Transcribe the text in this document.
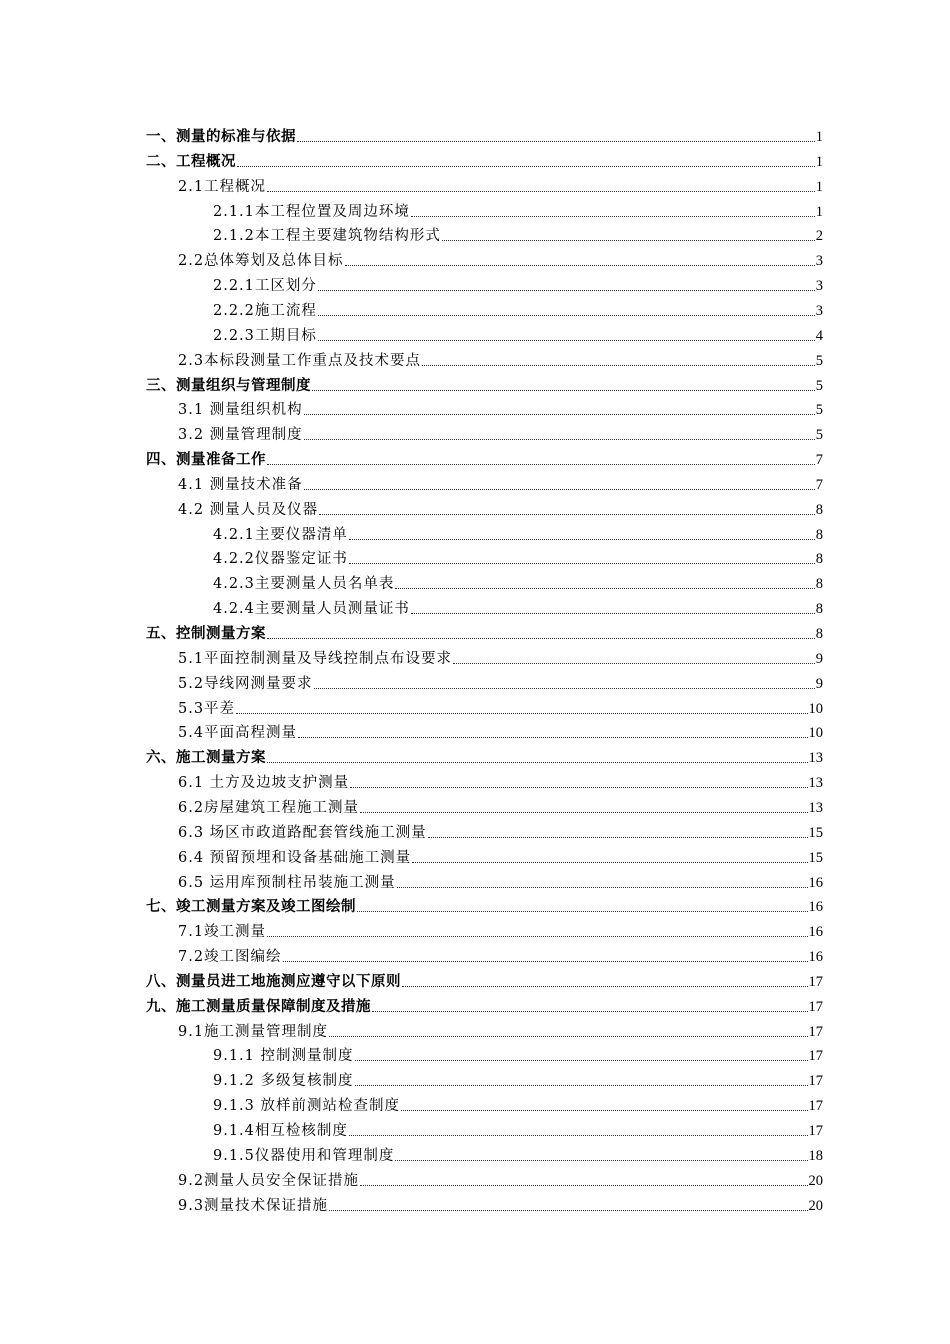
一、测量的标准与依据	1
二、工程概况	1
2.1工程概况	1
2.1.1本工程位置及周边环境	1
2.1.2本工程主要建筑物结构形式	2
2.2总体筹划及总体目标	3
2.2.1工区划分	3
2.2.2施工流程	3
2.2.3工期目标	4
2.3本标段测量工作重点及技术要点	5
三、测量组织与管理制度	5
3.1 测量组织机构	5
3.2 测量管理制度	5
四、测量准备工作	7
4.1 测量技术准备	7
4.2 测量人员及仪器	8
4.2.1主要仪器清单	8
4.2.2仪器鉴定证书	8
4.2.3主要测量人员名单表	8
4.2.4主要测量人员测量证书	8
五、控制测量方案	8
5.1平面控制测量及导线控制点布设要求	9
5.2导线网测量要求	9
5.3平差	10
5.4平面高程测量	10
六、施工测量方案	13
6.1 土方及边坡支护测量	13
6.2房屋建筑工程施工测量	13
6.3 场区市政道路配套管线施工测量	15
6.4 预留预埋和设备基础施工测量	15
6.5 运用库预制柱吊装施工测量	16
七、竣工测量方案及竣工图绘制	16
7.1竣工测量	16
7.2竣工图编绘	16
八、测量员进工地施测应遵守以下原则	17
九、施工测量质量保障制度及措施	17
9.1施工测量管理制度	17
9.1.1 控制测量制度	17
9.1.2 多级复核制度	17
9.1.3 放样前测站检查制度	17
9.1.4相互检核制度	17
9.1.5仪器使用和管理制度	18
9.2测量人员安全保证措施	20
9.3测量技术保证措施	20
